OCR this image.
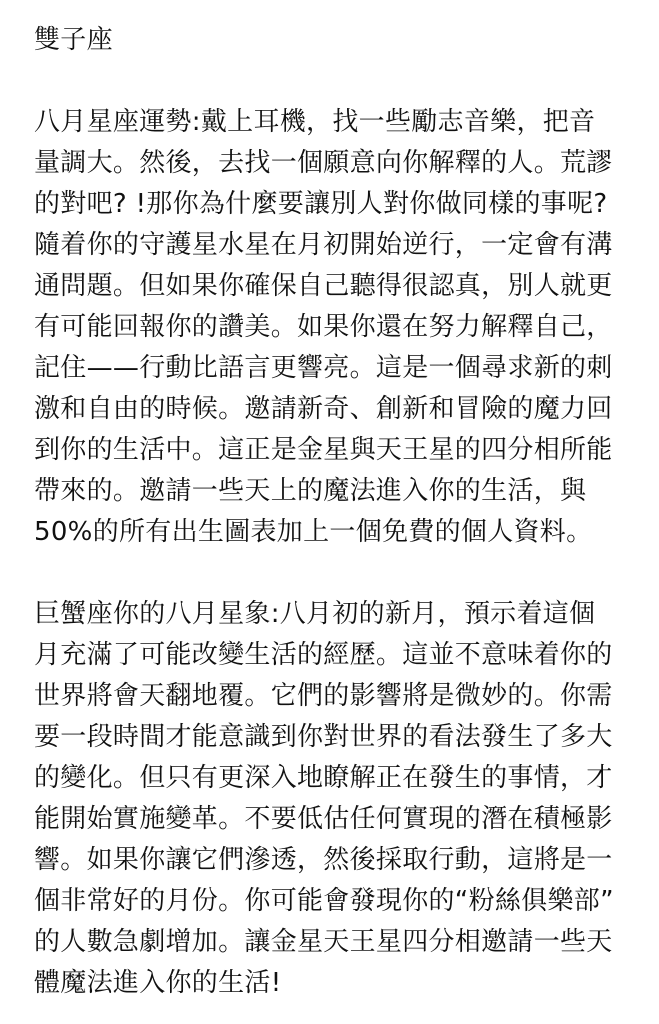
雙子座
八月星座運勢:戴上耳機，找一些勵志音樂，把音
量調大。然後，去找一個願意向你解釋的人。荒謬
的對吧? !那你為什麼要讓別人對你做同樣的事呢?
隨着你的守護星水星在月初開始逆行，一定會有溝
通問題。但如果你確保自己聽得很認真，別人就更
有可能回報你的讚美。如果你還在努力解釋自己，
記住——行動比語言更響亮。這是一個尋求新的刺
激和自由的時候。邀請新奇、創新和冒險的魔力回
到你的生活中。這正是金星與天王星的四分相所能
帶來的。邀請一些天上的魔法進入你的生活，與
50%的所有出生圖表加上一個免費的個人資料。
巨蟹座你的八月星象:八月初的新月，預示着這個
月充滿了可能改變生活的經歷。這並不意味着你的
世界將會天翻地覆。它們的影響將是微妙的。你需
要一段時間才能意識到你對世界的看法發生了多大
的變化。但只有更深入地瞭解正在發生的事情，才
能開始實施變革。不要低估任何實現的潛在積極影
響。如果你讓它們滲透，然後採取行動，這將是一
個非常好的月份。你可能會發現你的“粉絲俱樂部”
的人數急劇增加。讓金星天王星四分相邀請一些天
體魔法進入你的生活!
